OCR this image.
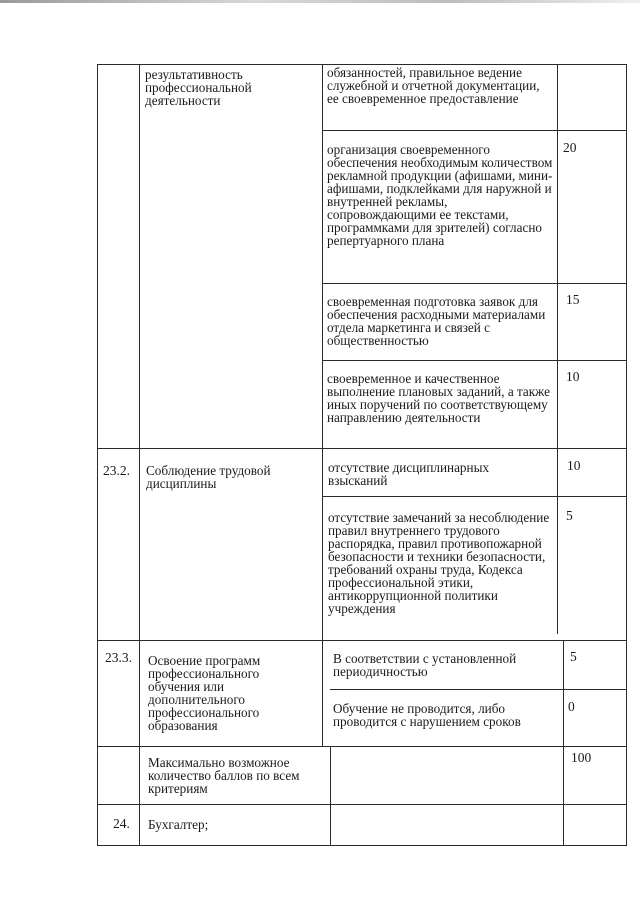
результативность профессиональной деятельности

обязанностей, правильное ведение служебной и отчетной документации, ее своевременное предоставление

организация своевременного обеспечения необходимым количеством рекламной продукции (афишами, мини-афишами, подклейками для наружной и внутренней рекламы, сопровождающими ее текстами, программками для зрителей) согласно репертуарного плана

20

своевременная подготовка заявок для обеспечения расходными материалами отдела маркетинга и связей с общественностью

15

своевременное и качественное выполнение плановых заданий, а также иных поручений по соответствующему направлению деятельности

10
23.2. Соблюдение трудовой дисциплины

отсутствие дисциплинарных взысканий

10

отсутствие замечаний за несоблюдение правил внутреннего трудового распорядка, правил противопожарной безопасности и техники безопасности, требований охраны труда, Кодекса профессиональной этики, антикоррупционной политики учреждения

5
23.3. Освоение программ профессионального обучения или дополнительного профессионального образования

В соответствии с установленной периодичностью

5

Обучение не проводится, либо проводится с нарушением сроков

0

Максимально возможное количество баллов по всем критериям

100
24. Бухгалтер;
